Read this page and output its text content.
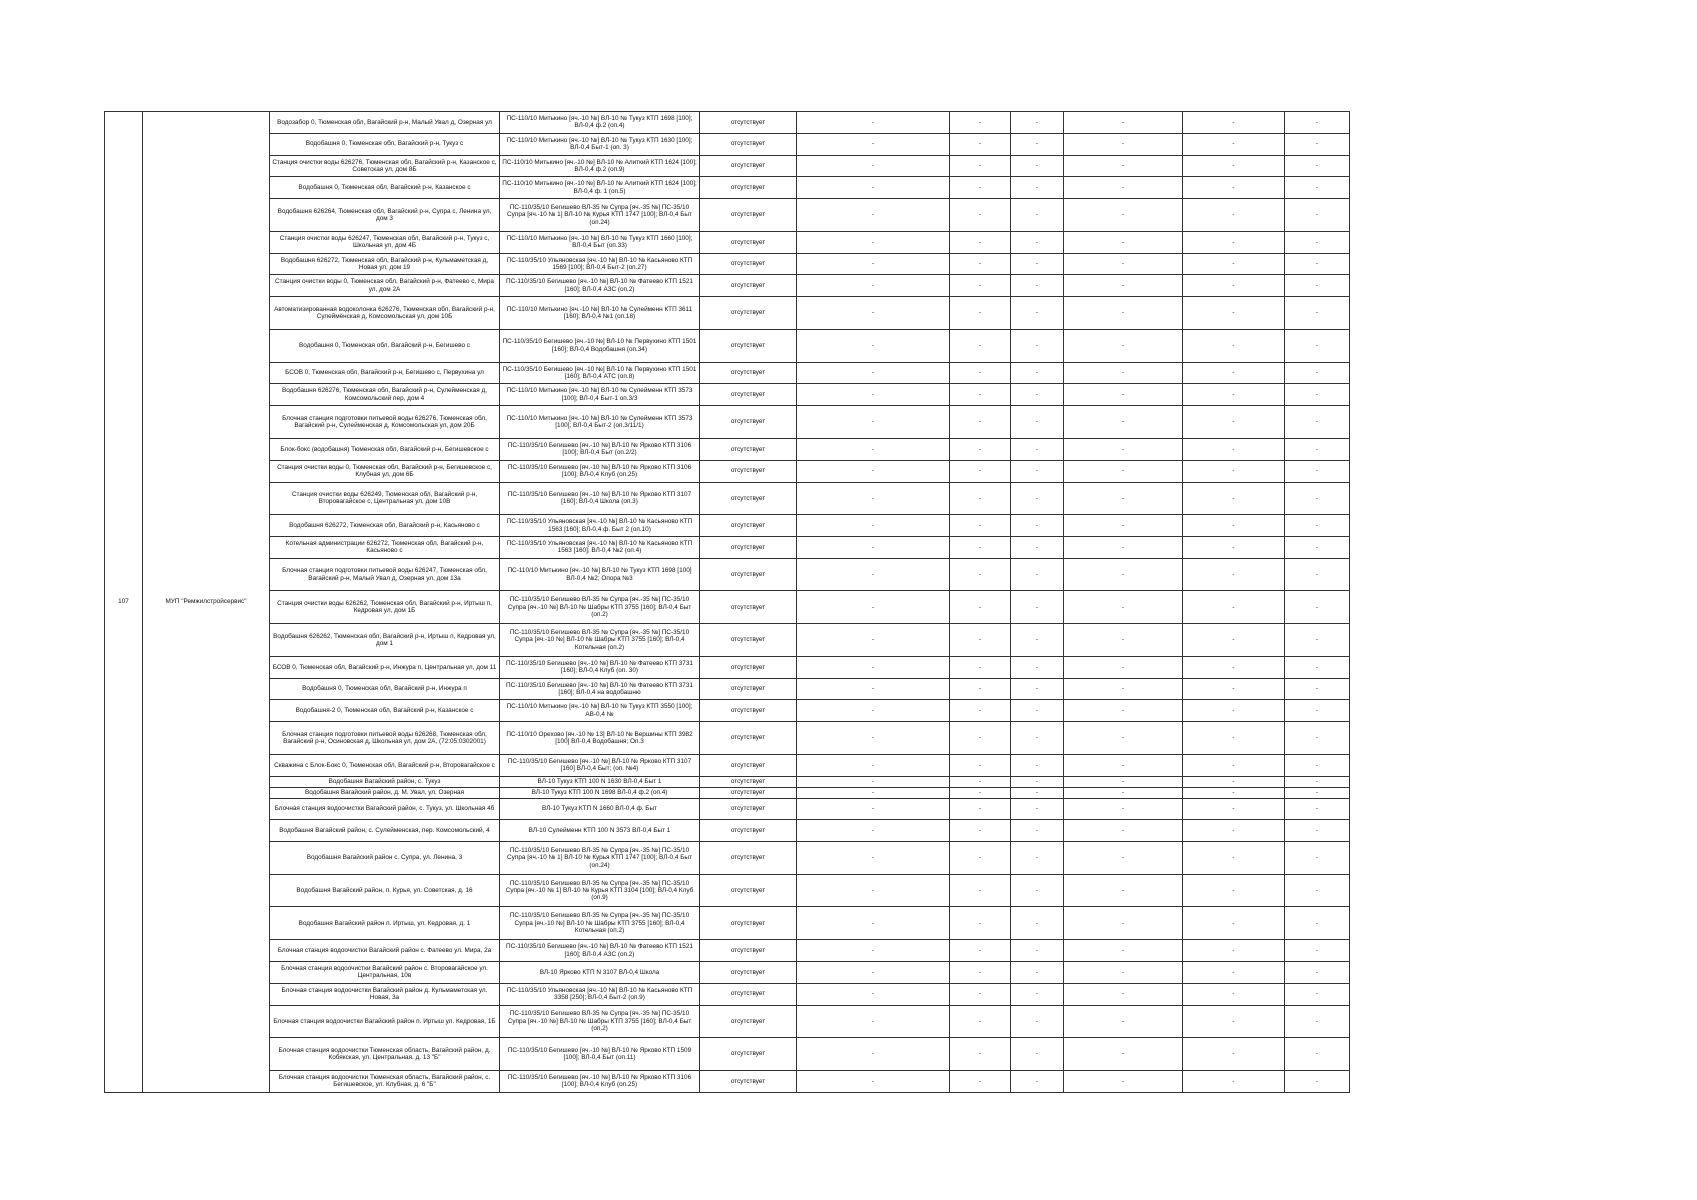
107	МУП "Ремжилстройсервис"	Водозабор 0, Тюменская обл, Вагайский р-н, Малый Увал д, Озерная ул	ПС-110/10 Митькино [яч.-10 №] ВЛ-10 № Тукуз КТП 1698 [100]; ВЛ-0,4 ф.2 (оп.4)	отсутствует	-	-	-	-	-	-
		Водобашня 0, Тюменская обл, Вагайский р-н, Тукуз с	ПС-110/10 Митькино [яч.-10 №] ВЛ-10 № Тукуз КТП 1630 [100]; ВЛ-0,4 Быт-1 (оп. 3)	отсутствует	-	-	-	-	-	-
		Станция очистки воды 626276, Тюменская обл, Вагайский р-н, Казанское с, Советская ул, дом 8Б	ПС-110/10 Митькино [яч.-10 №] ВЛ-10 № Алиткий КТП 1624 [100]; ВЛ-0,4 ф.2 (оп.9)	отсутствует	-	-	-	-	-	-
		Водобашня 0, Тюменская обл, Вагайский р-н, Казанское с	ПС-110/10 Митькино [яч.-10 №] ВЛ-10 № Алиткий КТП 1624 [100]; ВЛ-0,4 ф. 1 (оп.5)	отсутствует	-	-	-	-	-	-
		Водобашня 626264, Тюменская обл, Вагайский р-н, Супра с, Ленина ул, дом 3	ПС-110/35/10 Бегишево ВЛ-35 № Супра [яч.-35 №] ПС-35/10 Супра [яч.-10 № 1] ВЛ-10 № Курья КТП 1747 [100]; ВЛ-0,4 Быт (оп.24)	отсутствует	-	-	-	-	-	-
		Станция очистки воды 626247, Тюменская обл, Вагайский р-н, Тукуз с, Школьная ул, дом 4Б	ПС-110/10 Митькино [яч.-10 №] ВЛ-10 № Тукуз КТП 1660 [100]; ВЛ-0,4 Быт (оп.33)	отсутствует	-	-	-	-	-	-
		Водобашня 626272, Тюменская обл, Вагайский р-н, Кульмаметская д, Новая ул, дом 19	ПС-110/35/10 Ульяновская [яч.-10 №] ВЛ-10 № Касьяново КТП 1569 [100]; ВЛ-0,4 Быт-2 (оп.27)	отсутствует	-	-	-	-	-	-
		Станция очистки воды 0, Тюменская обл, Вагайский р-н, Фатеево с, Мира ул, дом 2А	ПС-110/35/10 Бегишево [яч.-10 №] ВЛ-10 № Фатеево КТП 1521 [160]; ВЛ-0,4 АЗС (оп.2)	отсутствует	-	-	-	-	-	-
		Автоматизированная водоколонка 626276, Тюменская обл, Вагайский р-н, Сулеймёнская д, Комсомольская ул, дом 10Б	ПС-110/10 Митькино [яч.-10 №] ВЛ-10 № Сулейменн КТП 3611 [160]; ВЛ-0,4 №1 (оп.18)	отсутствует	-	-	-	-	-	-
		Водобашня 0, Тюменская обл, Вагайский р-н, Бегишево с	ПС-110/35/10 Бегишево [яч.-10 №] ВЛ-10 № Первухино КТП 1501 [160]; ВЛ-0,4 Водобашня (оп.34)	отсутствует	-	-	-	-	-	-
		БСОВ 0, Тюменская обл, Вагайский р-н, Бегишево с, Первухина ул	ПС-110/35/10 Бегишево [яч.-10 №] ВЛ-10 № Первухино КТП 1501 [160]; ВЛ-0,4 АТС (оп.8)	отсутствует	-	-	-	-	-	-
		Водобашня 626276, Тюменская обл, Вагайский р-н, Сулейменская д, Комсомольский пер, дом 4	ПС-110/10 Митькино [яч.-10 №] ВЛ-10 № Сулейменн КТП 3573 [100]; ВЛ-0,4 Быт-1 оп.3/3	отсутствует	-	-	-	-	-	-
		Блочная станция подготовки питьевой воды 626276, Тюменская обл, Вагайский р-н, Сулейменская д, Комсомольская ул, дом 20Б	ПС-110/10 Митькино [яч.-10 №] ВЛ-10 № Сулейменн КТП 3573 [100]; ВЛ-0,4 Быт-2 (оп.3/11/1)	отсутствует	-	-	-	-	-	-
		Блок-бокс (водобашня) Тюменская обл, Вагайский р-н, Бегишевское с	ПС-110/35/10 Бегишево [яч.-10 №] ВЛ-10 № Ярково КТП 3106 [100]; ВЛ-0,4 Быт (оп.2/2)	отсутствует	-	-	-	-	-	-
		Станция очистки воды 0, Тюменская обл, Вагайский р-н, Бегишевское с, Клубная ул, дом 6Б	ПС-110/35/10 Бегишево [яч.-10 №] ВЛ-10 № Ярково КТП 3106 [100]; ВЛ-0,4 Клуб (оп.25)	отсутствует	-	-	-	-	-	-
		Станция очистки воды 626249, Тюменская обл, Вагайский р-н, Второвагайское с, Центральная ул, дом 10В	ПС-110/35/10 Бегишево [яч.-10 №] ВЛ-10 № Ярково КТП 3107 [160]; ВЛ-0,4 Школа (оп.3)	отсутствует	-	-	-	-	-	-
		Водобашня 626272, Тюменская обл, Вагайский р-н, Касьяново с	ПС-110/35/10 Ульяновская [яч.-10 №] ВЛ-10 № Касьяново КТП 1563 [160]; ВЛ-0,4 ф. Быт 2 (оп.10)	отсутствует	-	-	-	-	-	-
		Котельная администрации 626272, Тюменская обл, Вагайский р-н, Касьяново с	ПС-110/35/10 Ульяновская [яч.-10 №] ВЛ-10 № Касьяново КТП 1563 [160]; ВЛ-0,4 №2 (оп.4)	отсутствует	-	-	-	-	-	-
		Блочная станция подготовки питьевой воды 626247, Тюменская обл, Вагайский р-н, Малый Увал д, Озерная ул, дом 13а	ПС-110/10 Митькино [яч.-10 №] ВЛ-10 № Тукуз КТП 1698 [100] ВЛ-0,4 №2; Опора №3	отсутствует	-	-	-	-	-	-
		Станция очистки воды 626262, Тюменская обл, Вагайский р-н, Иртыш п, Кедровая ул, дом 1Б	ПС-110/35/10 Бегишево ВЛ-35 № Супра [яч.-35 №] ПС-35/10 Супра [яч.-10 №] ВЛ-10 № Шабры КТП 3755 [160]; ВЛ-0,4 Быт (оп.2)	отсутствует	-	-	-	-	-	-
		Водобашня 626262, Тюменская обл, Вагайский р-н, Иртыш п, Кедровая ул, дом 1	ПС-110/35/10 Бегишево ВЛ-35 № Супра [яч.-35 №] ПС-35/10 Супра [яч.-10 №] ВЛ-10 № Шабры КТП 3755 [160]; ВЛ-0,4 Котельная (оп.2)	отсутствует	-	-	-	-	-	-
		БСОВ 0, Тюменская обл, Вагайский р-н, Инжура п, Центральная ул, дом 11	ПС-110/35/10 Бегишево [яч.-10 №] ВЛ-10 № Фатеево КТП 3731 [160]; ВЛ-0,4 Клуб (оп. 30)	отсутствует	-	-	-	-	-	-
		Водобашня 0, Тюменская обл, Вагайский р-н, Инжура п	ПС-110/35/10 Бегишево [яч.-10 №] ВЛ-10 № Фатеево КТП 3731 [160]; ВЛ-0,4 на водобашню	отсутствует	-	-	-	-	-	-
		Водобашня-2 0, Тюменская обл, Вагайский р-н, Казанское с	ПС-110/10 Митькино [яч.-10 №] ВЛ-10 № Тукуз КТП 3550 [100]; АВ-0,4 №	отсутствует	-	-	-	-	-	-
		Блочная станция подготовки питьевой воды 626268, Тюменская обл, Вагайский р-н, Осиновская д, Школьная ул, дом 2А, (72:05:0302001)	ПС-110/10 Орехово [яч.-10 № 13] ВЛ-10 № Вершины КТП 3982 [100] ВЛ-0,4 Водобашня; Оп.3	отсутствует	-	-	-	-	-	-
		Скважина с Блок-Бокс 0, Тюменская обл, Вагайский р-н, Второвагайское с	ПС-110/35/10 Бегишево [яч.-10 №] ВЛ-10 № Ярково КТП 3107 [160] ВЛ-0,4 Быт; (оп. №4)	отсутствует	-	-	-	-	-	-
		Водобашня Вагайский район, с. Тукуз	ВЛ-10 Тукуз КТП 100 N 1630 ВЛ-0,4 Быт 1	отсутствует	-	-	-	-	-	-
		Водобашня Вагайский район, д. М. Увал, ул. Озерная	ВЛ-10 Тукуз КТП 100 N 1698 ВЛ-0,4 ф.2 (оп.4)	отсутствует	-	-	-	-	-	-
		Блочная станция водоочистки Вагайский район, с. Тукуз, ул. Школьная 4б	ВЛ-10 Тукуз КТП N 1660 ВЛ-0,4 ф. Быт	отсутствует	-	-	-	-	-	-
		Водобашня Вагайский район, с. Сулейменская, пер. Комсомольский, 4	ВЛ-10 Сулейменн КТП 100 N 3573 ВЛ-0,4 Быт 1	отсутствует	-	-	-	-	-	-
		Водобашня Вагайский район с. Супра, ул. Ленина, 3	ПС-110/35/10 Бегишево ВЛ-35 № Супра [яч.-35 №] ПС-35/10 Супра [яч.-10 № 1] ВЛ-10 № Курья КТП 1747 [100]; ВЛ-0,4 Быт (оп.24)	отсутствует	-	-	-	-	-	-
		Водобашня Вагайский район, п. Курья, ул. Советская, д. 16	ПС-110/35/10 Бегишево ВЛ-35 № Супра [яч.-35 №] ПС-35/10 Супра [яч.-10 № 1] ВЛ-10 № Курья КТП 3104 [100]; ВЛ-0,4 Клуб (оп.9)	отсутствует	-	-	-	-	-	-
		Водобашня Вагайский район п. Иртыш, ул. Кедровая, д. 1	ПС-110/35/10 Бегишево ВЛ-35 № Супра [яч.-35 №] ПС-35/10 Супра [яч.-10 №] ВЛ-10 № Шабры КТП 3755 [160]; ВЛ-0,4 Котельная (оп.2)	отсутствует	-	-	-	-	-	-
		Блочная станция водоочистки Вагайский район с. Фатеево ул. Мира, 2а	ПС-110/35/10 Бегишево [яч.-10 №] ВЛ-10 № Фатеево КТП 1521 [160]; ВЛ-0,4 АЗС (оп.2)	отсутствует	-	-	-	-	-	-
		Блочная станция водоочистки Вагайский район с. Второвагайское ул. Центральная, 10в	ВЛ-10 Ярково КТП N 3107 ВЛ-0,4 Школа	отсутствует	-	-	-	-	-	-
		Блочная станция водоочистки Вагайский район д. Кульмаметская ул. Новая, 3а	ПС-110/35/10 Ульяновская [яч.-10 №] ВЛ-10 № Касьяново КТП 3358 [250]; ВЛ-0,4 Быт-2 (оп.9)	отсутствует	-	-	-	-	-	-
		Блочная станция водоочистки Вагайский район п. Иртыш ул. Кедровая, 1Б	ПС-110/35/10 Бегишево ВЛ-35 № Супра [яч.-35 №] ПС-35/10 Супра [яч.-10 №] ВЛ-10 № Шабры КТП 3755 [160]; ВЛ-0,4 Быт (оп.2)	отсутствует	-	-	-	-	-	-
		Блочная станция водоочистки Тюменская область, Вагайский район, д. Кобякская, ул. Центральная, д. 13 "Б"	ПС-110/35/10 Бегишево [яч.-10 №] ВЛ-10 № Ярково КТП 1509 [100]; ВЛ-0,4 Быт (оп.11)	отсутствует	-	-	-	-	-	-
		Блочная станция водоочистки Тюменская область, Вагайский район, с. Бегишевское, ул. Клубная, д. 6 "Б"	ПС-110/35/10 Бегишево [яч.-10 №] ВЛ-10 № Ярково КТП 3106 [100]; ВЛ-0,4 Клуб (оп.25)	отсутствует	-	-	-	-	-	-
